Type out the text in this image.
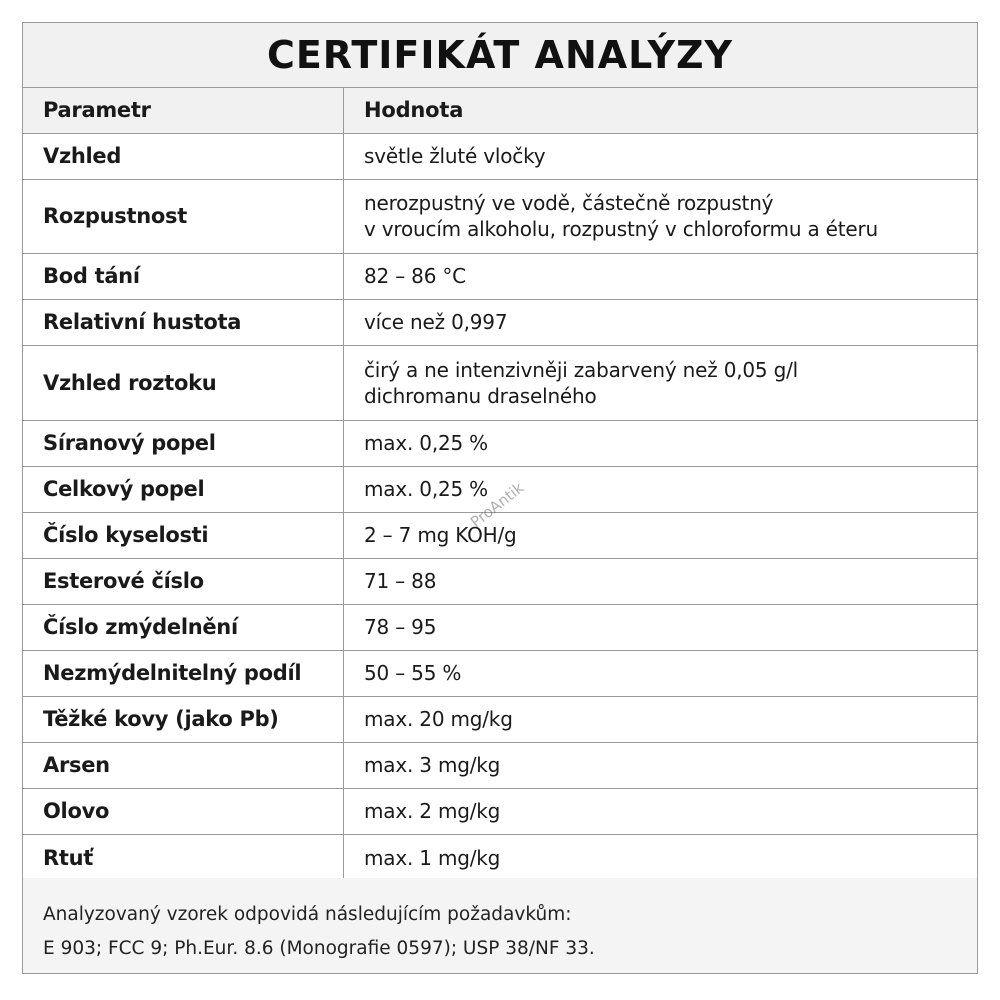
CERTIFIKÁT ANALÝZY
Parametr	Hodnota
Vzhled	světle žluté vločky
Rozpustnost	nerozpustný ve vodě, částečně rozpustný
v vroucím alkoholu, rozpustný v chloroformu a éteru
Bod tání	82 – 86 °C
Relativní hustota	více než 0,997
Vzhled roztoku	čirý a ne intenzivněji zabarvený než 0,05 g/l
dichromanu draselného
Síranový popel	max. 0,25 %
Celkový popel	max. 0,25 %
Číslo kyselosti	2 – 7 mg KOH/g
Esterové číslo	71 – 88
Číslo zmýdelnění	78 – 95
Nezmýdelnitelný podíl	50 – 55 %
Těžké kovy (jako Pb)	max. 20 mg/kg
Arsen	max. 3 mg/kg
Olovo	max. 2 mg/kg
Rtuť	max. 1 mg/kg
Analyzovaný vzorek odpovidá následujícím požadavkům:
E 903; FCC 9; Ph.Eur. 8.6 (Monografie 0597); USP 38/NF 33.
ProAntik
